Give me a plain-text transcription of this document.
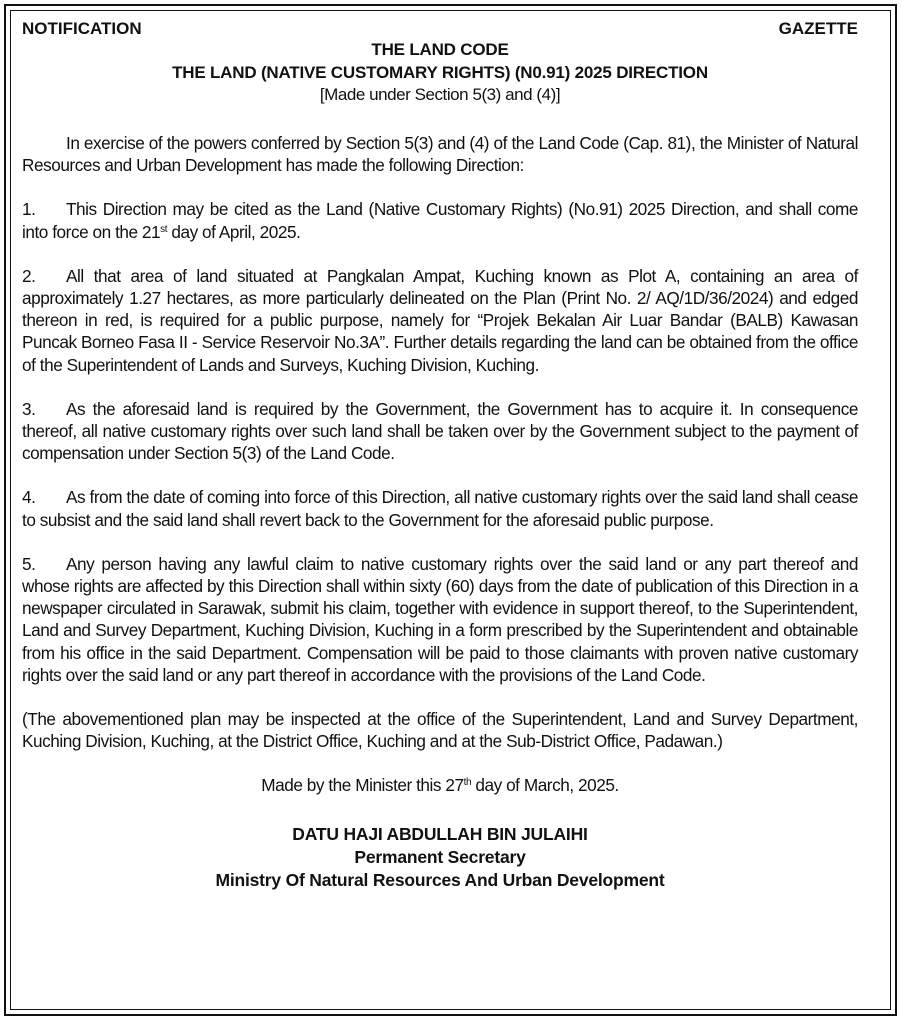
NOTIFICATION	GAZETTE
THE LAND CODE
THE LAND (NATIVE CUSTOMARY RIGHTS) (N0.91) 2025 DIRECTION
[Made under Section 5(3) and (4)]

In exercise of the powers conferred by Section 5(3) and (4) of the Land Code (Cap. 81), the Minister of Natural Resources and Urban Development has made the following Direction:

1. This Direction may be cited as the Land (Native Customary Rights) (No.91) 2025 Direction, and shall come into force on the 21st day of April, 2025.

2. All that area of land situated at Pangkalan Ampat, Kuching known as Plot A, containing an area of approximately 1.27 hectares, as more particularly delineated on the Plan (Print No. 2/ AQ/1D/36/2024) and edged thereon in red, is required for a public purpose, namely for “Projek Bekalan Air Luar Bandar (BALB) Kawasan Puncak Borneo Fasa II - Service Reservoir No.3A”. Further details regarding the land can be obtained from the office of the Superintendent of Lands and Surveys, Kuching Division, Kuching.

3. As the aforesaid land is required by the Government, the Government has to acquire it. In consequence thereof, all native customary rights over such land shall be taken over by the Government subject to the payment of compensation under Section 5(3) of the Land Code.

4. As from the date of coming into force of this Direction, all native customary rights over the said land shall cease to subsist and the said land shall revert back to the Government for the aforesaid public purpose.

5. Any person having any lawful claim to native customary rights over the said land or any part thereof and whose rights are affected by this Direction shall within sixty (60) days from the date of publication of this Direction in a newspaper circulated in Sarawak, submit his claim, together with evidence in support thereof, to the Superintendent, Land and Survey Department, Kuching Division, Kuching in a form prescribed by the Superintendent and obtainable from his office in the said Department. Compensation will be paid to those claimants with proven native customary rights over the said land or any part thereof in accordance with the provisions of the Land Code.

(The abovementioned plan may be inspected at the office of the Superintendent, Land and Survey Department, Kuching Division, Kuching, at the District Office, Kuching and at the Sub-District Office, Padawan.)

Made by the Minister this 27th day of March, 2025.
DATU HAJI ABDULLAH BIN JULAIHI
Permanent Secretary
Ministry Of Natural Resources And Urban Development
